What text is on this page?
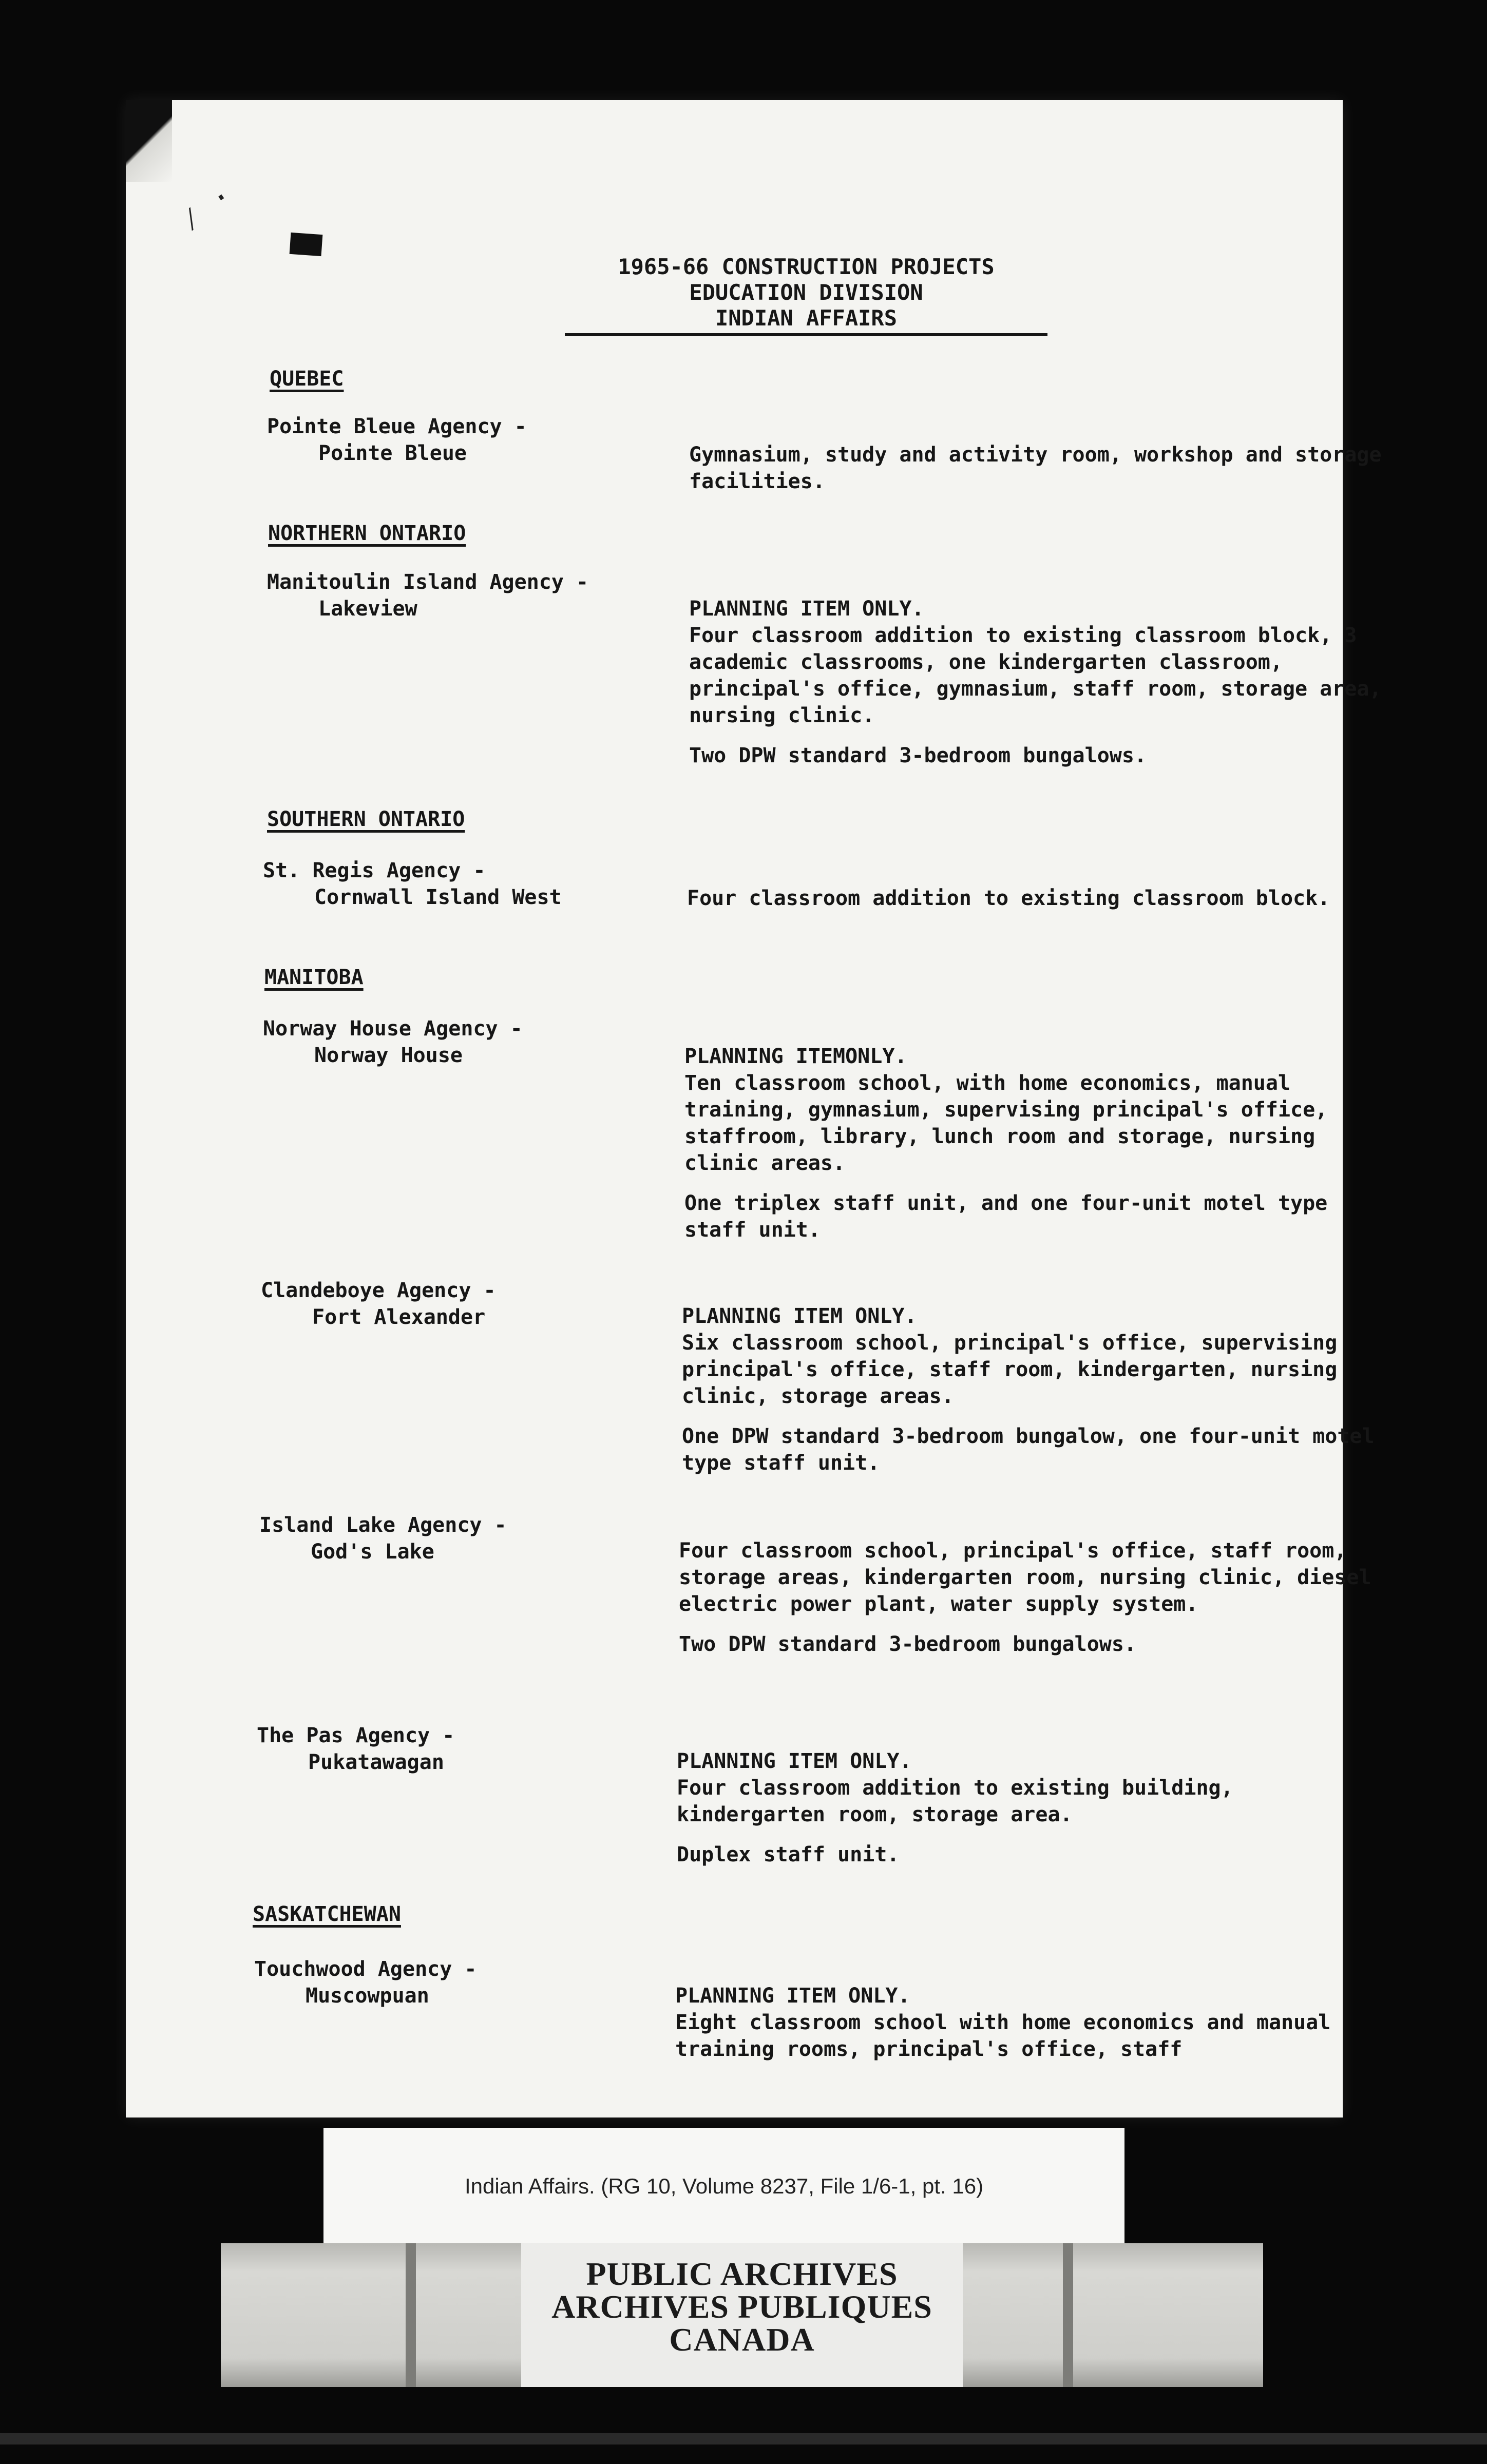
⁄ ·
1965-66 CONSTRUCTION PROJECTS
EDUCATION DIVISION
INDIAN AFFAIRS
QUEBEC
Pointe Bleue Agency -
Pointe Bleue	Gymnasium, study and activity room, workshop and storage facilities.
NORTHERN ONTARIO
Manitoulin Island Agency -
Lakeview	PLANNING ITEM ONLY.
Four classroom addition to existing classroom block, 3 academic classrooms, one kindergarten classroom, principal's office, gymnasium, staff room, storage area, nursing clinic.
Two DPW standard 3-bedroom bungalows.
SOUTHERN ONTARIO
St. Regis Agency -
Cornwall Island West	Four classroom addition to existing classroom block.
MANITOBA
Norway House Agency -
Norway House	PLANNING ITEMONLY.
Ten classroom school, with home economics, manual training, gymnasium, supervising principal's office, staffroom, library, lunch room and storage, nursing clinic areas.
One triplex staff unit, and one four-unit motel type staff unit.
Clandeboye Agency -
Fort Alexander	PLANNING ITEM ONLY.
Six classroom school, principal's office, supervising principal's office, staff room, kindergarten, nursing clinic, storage areas.
One DPW standard 3-bedroom bungalow, one four-unit motel type staff unit.
Island Lake Agency -
God's Lake	Four classroom school, principal's office, staff room, storage areas, kindergarten room, nursing clinic, diesel electric power plant, water supply system.
Two DPW standard 3-bedroom bungalows.
The Pas Agency -
Pukatawagan	PLANNING ITEM ONLY.
Four classroom addition to existing building, kindergarten room, storage area.
Duplex staff unit.
SASKATCHEWAN
Touchwood Agency -
Muscowpuan	PLANNING ITEM ONLY.
Eight classroom school with home economics and manual training rooms, principal's office, staff
Indian Affairs. (RG 10, Volume 8237, File 1/6-1, pt. 16)
PUBLIC ARCHIVES
ARCHIVES PUBLIQUES
CANADA
